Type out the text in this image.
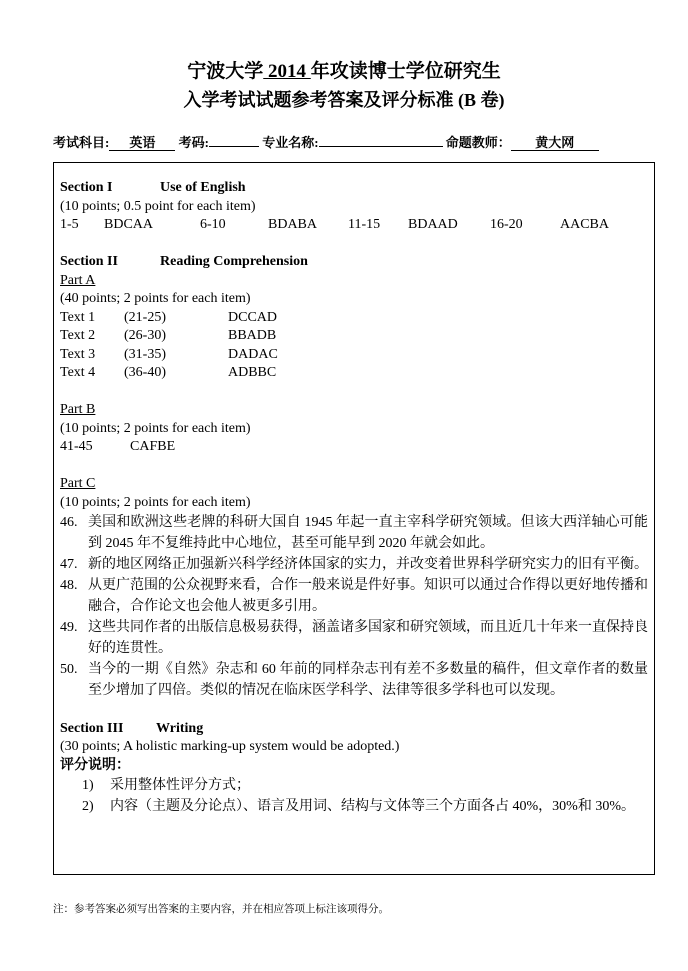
宁波大学 2014 年攻读博士学位研究生
入学考试试题参考答案及评分标准 (B 卷)
考试科目: 英语 考码:	专业名称:	命题教师： 黄大网
Section I	Use of English
(10 points; 0.5 point for each item)
1-5 BDCAA	6-10	BDABA 11-15 BDAAD 16-20	AACBA
Section II	Reading Comprehension
Part A
(40 points; 2 points for each item)
Text 1 (21-25)	DCCAD
Text 2 (26-30)	BBADB
Text 3 (31-35)	DADAC
Text 4 (36-40)	ADBBC
Part B
(10 points; 2 points for each item)
41-45	CAFBE
Part C
(10 points; 2 points for each item)
46. 美国和欧洲这些老牌的科研大国自 1945 年起一直主宰科学研究领域。但该大西洋轴心可能到 2045 年不复维持此中心地位，甚至可能早到 2020 年就会如此。
47. 新的地区网络正加强新兴科学经济体国家的实力，并改变着世界科学研究实力的旧有平衡。
48. 从更广范围的公众视野来看，合作一般来说是件好事。知识可以通过合作得以更好地传播和融合，合作论文也会他人被更多引用。
49. 这些共同作者的出版信息极易获得，涵盖诸多国家和研究领域，而且近几十年来一直保持良好的连贯性。
50. 当今的一期《自然》杂志和 60 年前的同样杂志刊有差不多数量的稿件，但文章作者的数量至少增加了四倍。类似的情况在临床医学科学、法律等很多学科也可以发现。
Section III Writing
(30 points; A holistic marking-up system would be adopted.)
评分说明：
1) 采用整体性评分方式；
2) 内容（主题及分论点）、语言及用词、结构与文体等三个方面各占 40%，30%和 30%。
注：参考答案必须写出答案的主要内容，并在相应答项上标注该项得分。
